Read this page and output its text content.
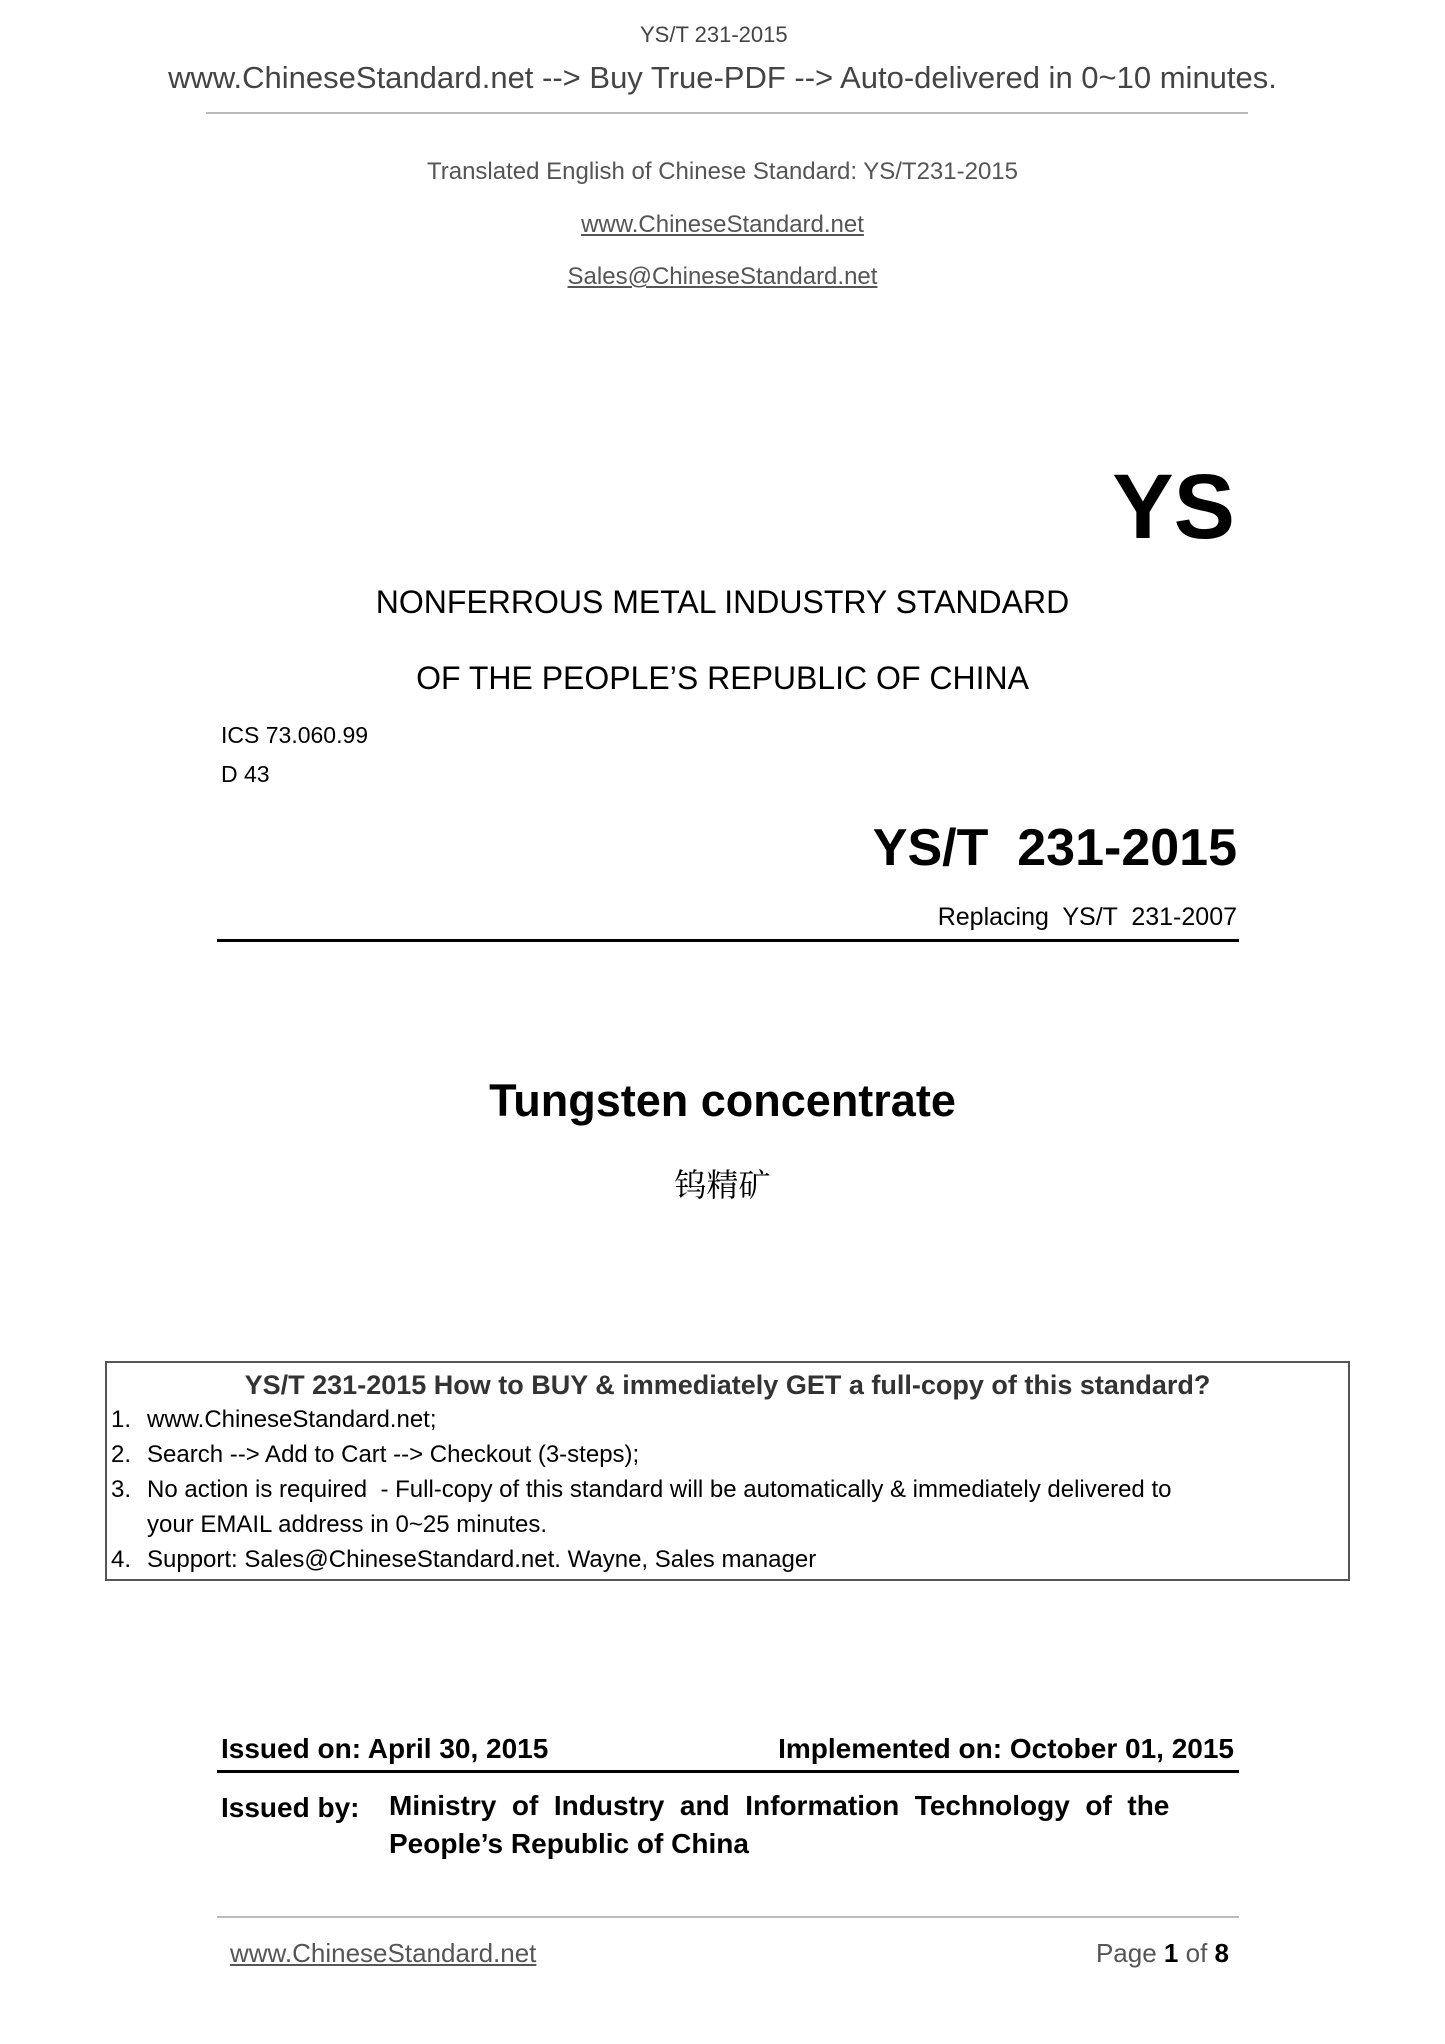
YS/T 231-2015
www.ChineseStandard.net --> Buy True-PDF --> Auto-delivered in 0~10 minutes.
Translated English of Chinese Standard: YS/T231-2015
www.ChineseStandard.net
Sales@ChineseStandard.net
YS
NONFERROUS METAL INDUSTRY STANDARD
OF THE PEOPLE’S REPUBLIC OF CHINA
ICS 73.060.99
D 43
YS/T  231-2015
Replacing  YS/T  231-2007
Tungsten concentrate
钨精矿
YS/T 231-2015 How to BUY & immediately GET a full-copy of this standard?
1. www.ChineseStandard.net;
2. Search --> Add to Cart --> Checkout (3-steps);
3. No action is required  - Full-copy of this standard will be automatically & immediately delivered to
your EMAIL address in 0~25 minutes.
4. Support: Sales@ChineseStandard.net. Wayne, Sales manager
Issued on: April 30, 2015	Implemented on: October 01, 2015
Issued by: Ministry  of  Industry  and  Information  Technology  of  the
People’s Republic of China
www.ChineseStandard.net	Page 1 of 8
